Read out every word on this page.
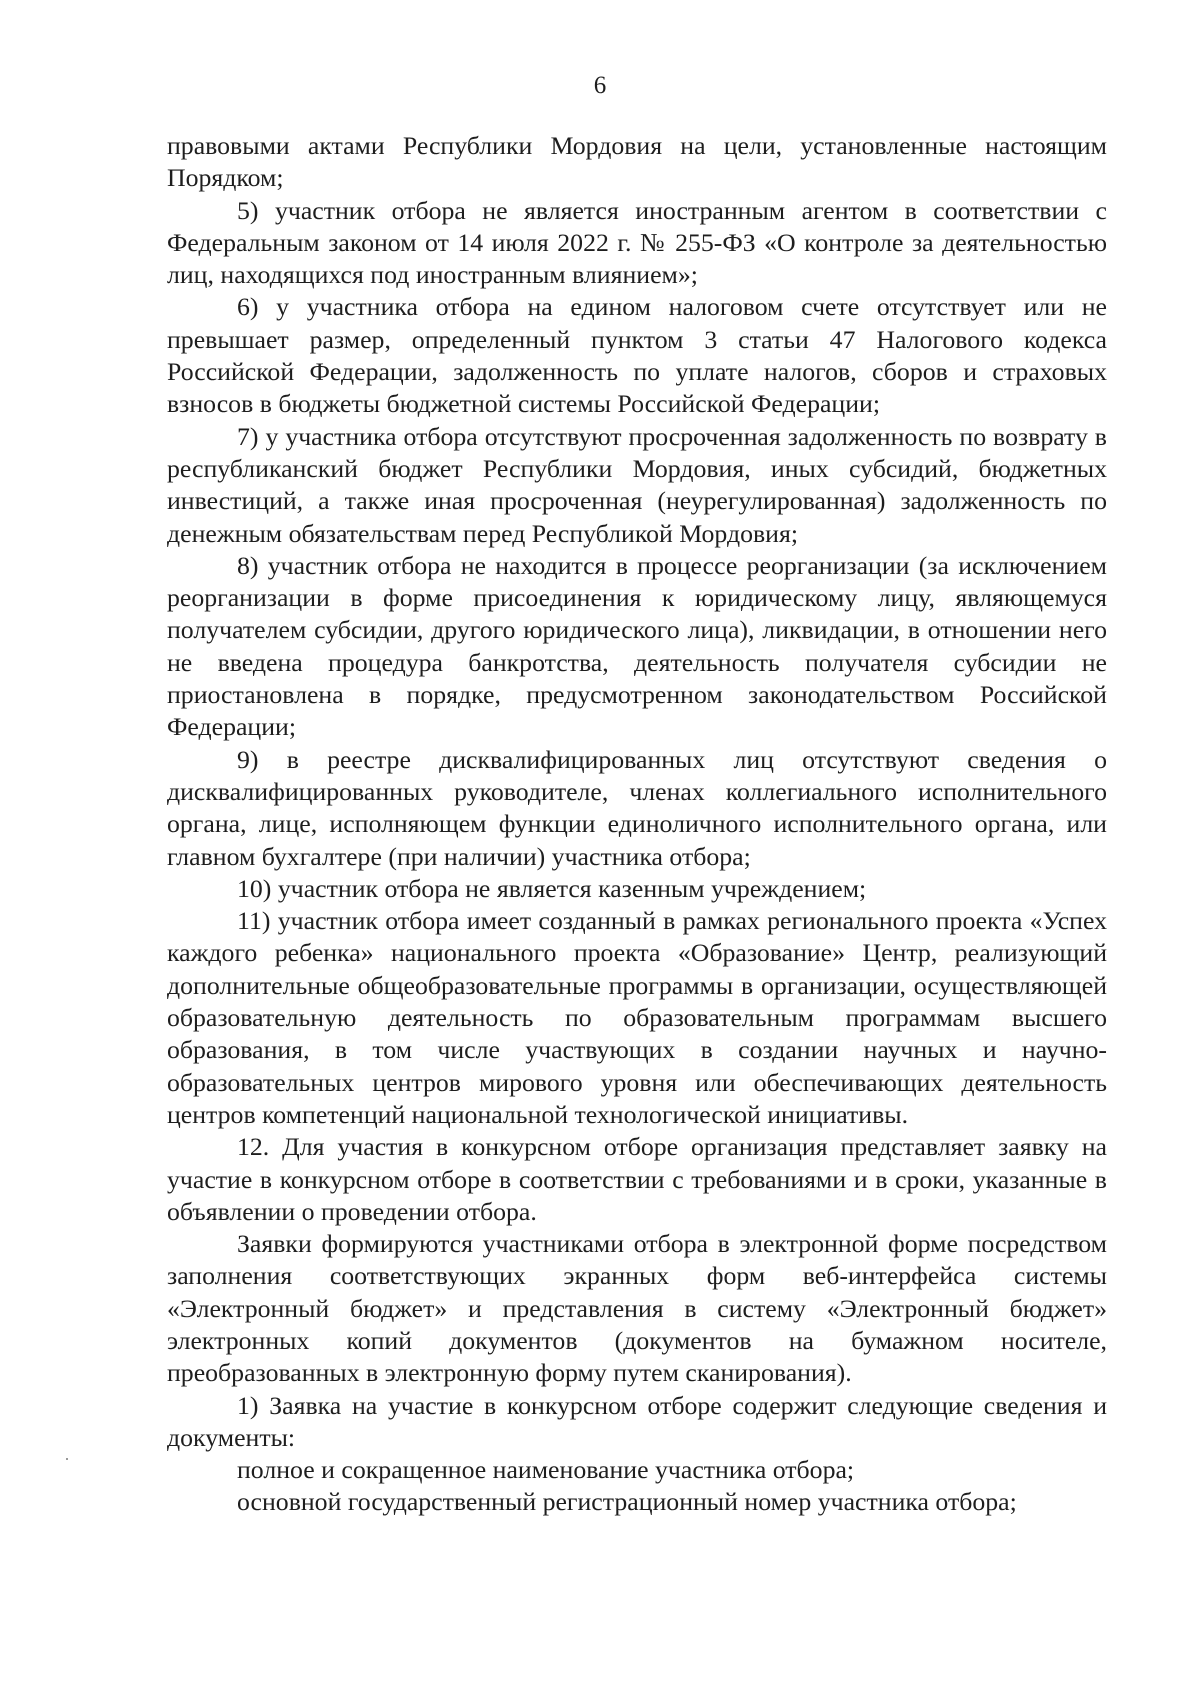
6

правовыми актами Республики Мордовия на цели, установленные настоящим Порядком;

5) участник отбора не является иностранным агентом в соответствии с Федеральным законом от 14 июля 2022 г. № 255-ФЗ «О контроле за деятельностью лиц, находящихся под иностранным влиянием»;

6) у участника отбора на едином налоговом счете отсутствует или не превышает размер, определенный пунктом 3 статьи 47 Налогового кодекса Российской Федерации, задолженность по уплате налогов, сборов и страховых взносов в бюджеты бюджетной системы Российской Федерации;

7) у участника отбора отсутствуют просроченная задолженность по возврату в республиканский бюджет Республики Мордовия, иных субсидий, бюджетных инвестиций, а также иная просроченная (неурегулированная) задолженность по денежным обязательствам перед Республикой Мордовия;

8) участник отбора не находится в процессе реорганизации (за исключением реорганизации в форме присоединения к юридическому лицу, являющемуся получателем субсидии, другого юридического лица), ликвидации, в отношении него не введена процедура банкротства, деятельность получателя субсидии не приостановлена в порядке, предусмотренном законодательством Российской Федерации;

9) в реестре дисквалифицированных лиц отсутствуют сведения о дисквалифицированных руководителе, членах коллегиального исполнительного органа, лице, исполняющем функции единоличного исполнительного органа, или главном бухгалтере (при наличии) участника отбора;

10) участник отбора не является казенным учреждением;

11) участник отбора имеет созданный в рамках регионального проекта «Успех каждого ребенка» национального проекта «Образование» Центр, реализующий дополнительные общеобразовательные программы в организации, осуществляющей образовательную деятельность по образовательным программам высшего образования, в том числе участвующих в создании научных и научно-образовательных центров мирового уровня или обеспечивающих деятельность центров компетенций национальной технологической инициативы.

12. Для участия в конкурсном отборе организация представляет заявку на участие в конкурсном отборе в соответствии с требованиями и в сроки, указанные в объявлении о проведении отбора.

Заявки формируются участниками отбора в электронной форме посредством заполнения соответствующих экранных форм веб-интерфейса системы «Электронный бюджет» и представления в систему «Электронный бюджет» электронных копий документов (документов на бумажном носителе, преобразованных в электронную форму путем сканирования).

1) Заявка на участие в конкурсном отборе содержит следующие сведения и документы:

полное и сокращенное наименование участника отбора;

основной государственный регистрационный номер участника отбора;
